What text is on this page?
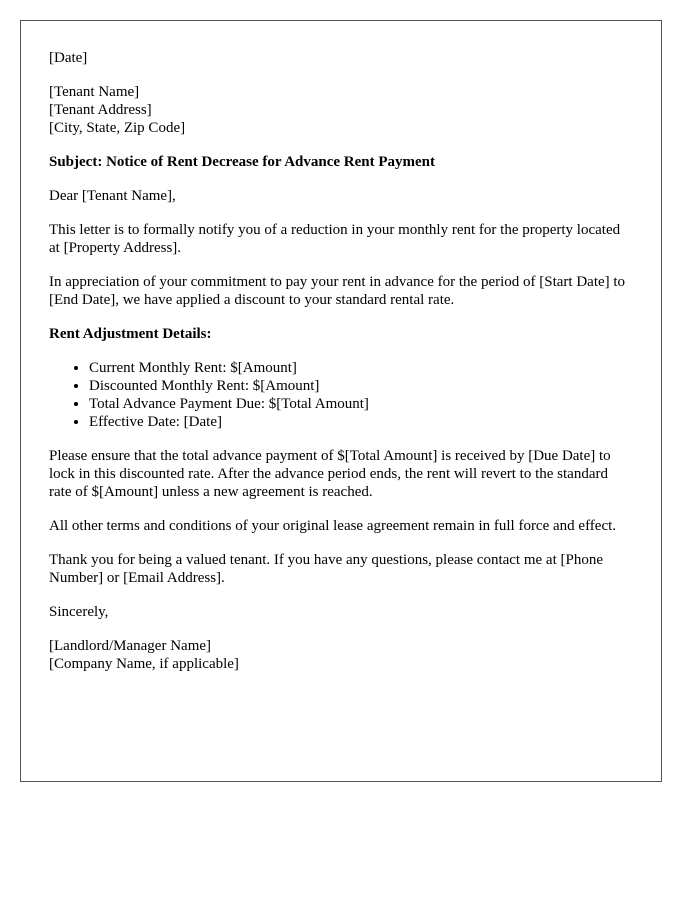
[Date]
[Tenant Name]
[Tenant Address]
[City, State, Zip Code]
Subject: Notice of Rent Decrease for Advance Rent Payment
Dear [Tenant Name],
This letter is to formally notify you of a reduction in your monthly rent for the property located at [Property Address].
In appreciation of your commitment to pay your rent in advance for the period of [Start Date] to [End Date], we have applied a discount to your standard rental rate.
Rent Adjustment Details:
• Current Monthly Rent: $[Amount]
• Discounted Monthly Rent: $[Amount]
• Total Advance Payment Due: $[Total Amount]
• Effective Date: [Date]
Please ensure that the total advance payment of $[Total Amount] is received by [Due Date] to lock in this discounted rate. After the advance period ends, the rent will revert to the standard rate of $[Amount] unless a new agreement is reached.
All other terms and conditions of your original lease agreement remain in full force and effect.
Thank you for being a valued tenant. If you have any questions, please contact me at [Phone Number] or [Email Address].
Sincerely,
[Landlord/Manager Name]
[Company Name, if applicable]
